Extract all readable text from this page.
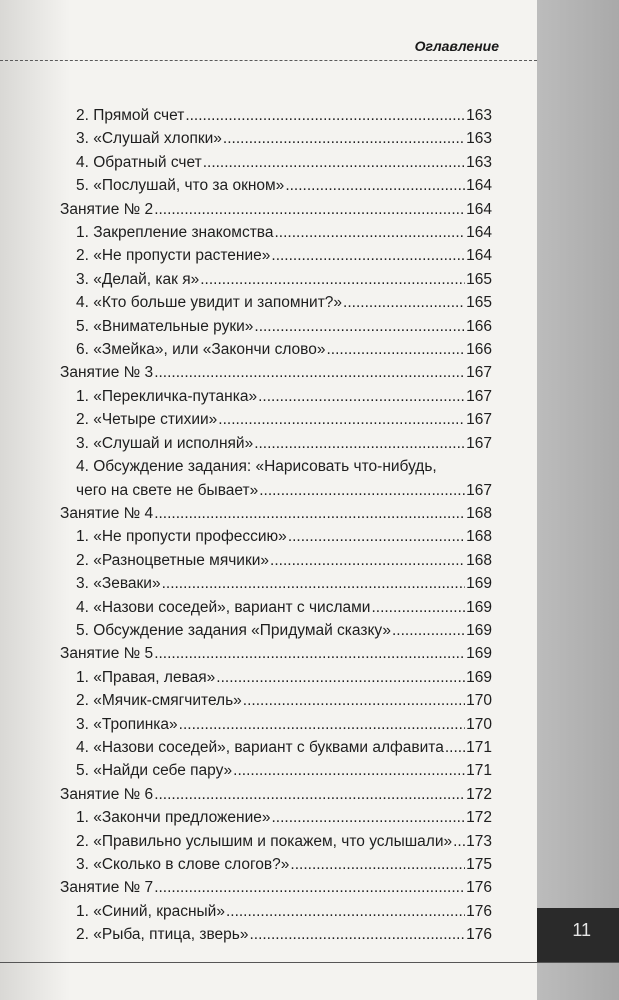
11
Оглавление
2. Прямой счет .....	163
3. «Слушай хлопки» .....	163
4. Обратный счет .....	163
5. «Послушай, что за окном» .....	164
Занятие № 2 .....	164
1. Закрепление знакомства .....	164
2. «Не пропусти растение» .....	164
3. «Делай, как я» .....	165
4. «Кто больше увидит и запомнит?» .....	165
5. «Внимательные руки» .....	166
6. «Змейка», или «Закончи слово» .....	166
Занятие № 3 .....	167
1. «Перекличка-путанка» .....	167
2. «Четыре стихии» .....	167
3. «Слушай и исполняй» .....	167
4. Обсуждение задания: «Нарисовать что-нибудь,
чего на свете не бывает» .....	167
Занятие № 4 .....	168
1. «Не пропусти профессию» .....	168
2. «Разноцветные мячики» .....	168
3. «Зеваки» .....	169
4. «Назови соседей», вариант с числами .....	169
5. Обсуждение задания «Придумай сказку» .....	169
Занятие № 5 .....	169
1. «Правая, левая» .....	169
2. «Мячик-смягчитель» .....	170
3. «Тропинка» .....	170
4. «Назови соседей», вариант с буквами алфавита ..... 171
5. «Найди себе пару» .....	171
Занятие № 6 .....	172
1. «Закончи предложение» .....	172
2. «Правильно услышим и покажем, что услышали» ..... 173
3. «Сколько в слове слогов?» .....	175
Занятие № 7 .....	176
1. «Синий, красный» .....	176
2. «Рыба, птица, зверь» .....	176
